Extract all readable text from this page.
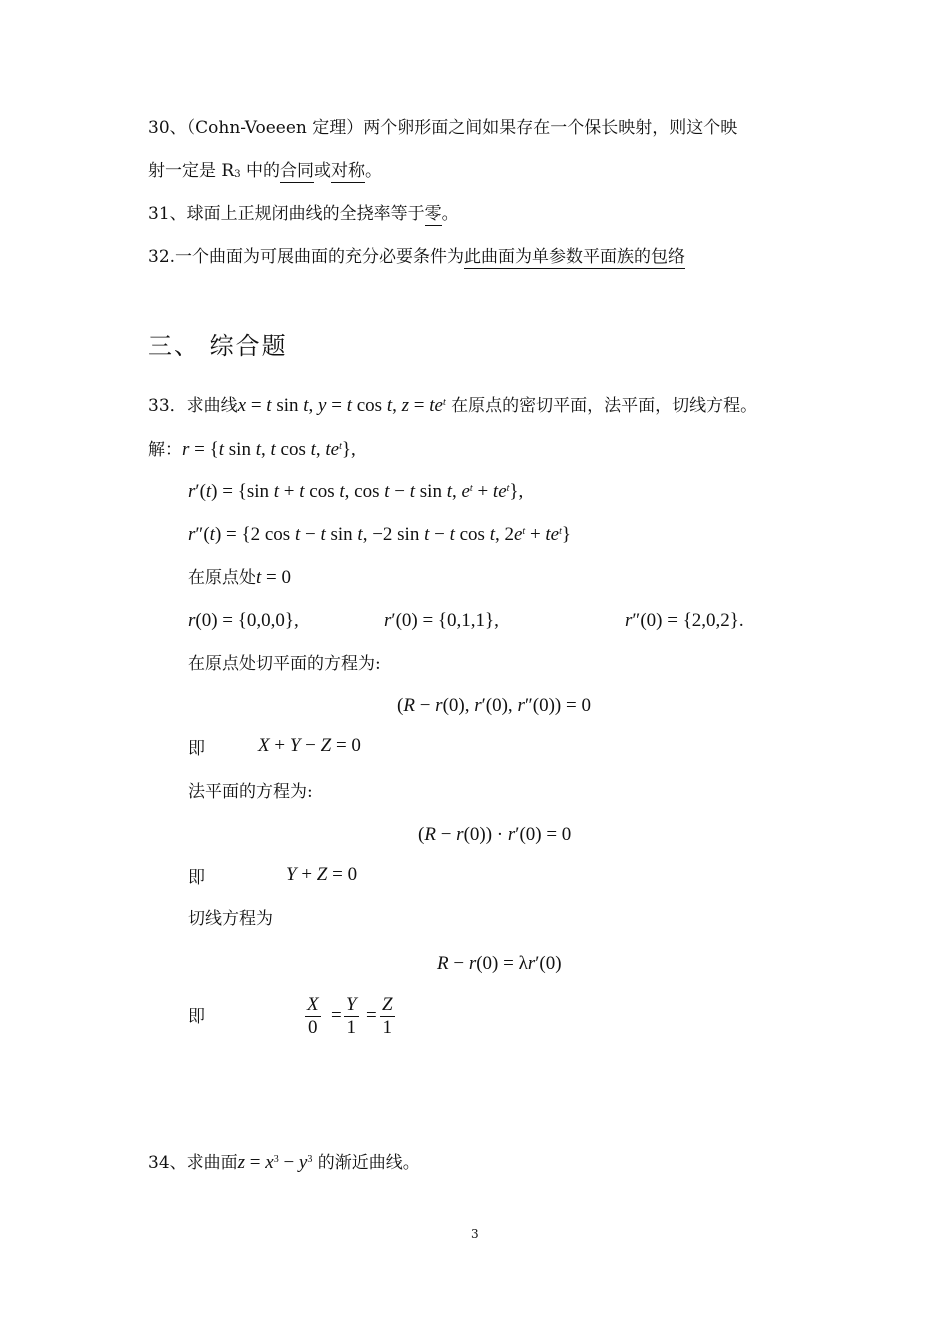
30、（Cohn-Voeeen 定理）两个卵形面之间如果存在一个保长映射，则这个映
射一定是 $R_3$ 中的合同或对称。
31、球面上正规闭曲线的全挠率等于零。
32.一个曲面为可展曲面的充分必要条件为此曲面为单参数平面族的包络
三、 综合题
33．求曲线x = t sin t, y = t cos t, $z = te^t$ 在原点的密切平面，法平面，切线方程。
解：r = {t sin t, t cos t, $te^t$},
r′(t) = {sin t + t cos t, cos t − t sin t, $e^t + te^t$},
r″(t) = {2 cos t − t sin t, −2 sin t − t cos t, $2e^t + te^t$}
在原点处t = 0
r(0) = {0,0,0},	r′(0) = {0,1,1},	r″(0) = {2,0,2}.
在原点处切平面的方程为:
(R − r(0), r′(0), r″(0)) = 0
即	X + Y − Z = 0
法平面的方程为:
(R − r(0)) · r′(0) = 0
即	Y + Z = 0
切线方程为
R − r(0) = λr′(0)
即	$\frac{X}{0} = \frac{Y}{1} = \frac{Z}{1}$
34、求曲面$z = x^3 - y^3$ 的渐近曲线。
3
